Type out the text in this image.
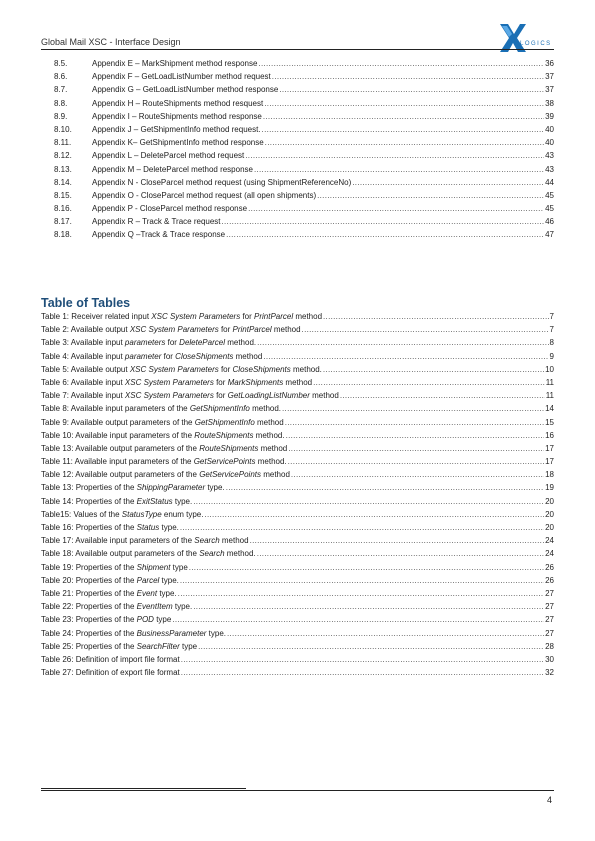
Global Mail XSC - Interface Design	LOGICS
8.5.	Appendix E – MarkShipment method response .....	36
8.6.	Appendix F – GetLoadListNumber method request .....	37
8.7.	Appendix G – GetLoadListNumber method response .....	37
8.8.	Appendix H – RouteShipments method resquest .....	38
8.9.	Appendix I – RouteShipments method response .....	39
8.10.	Appendix J – GetShipmentInfo method request. .....	40
8.11.	Appendix K– GetShipmentInfo method response .....	40
8.12.	Appendix L – DeleteParcel method request .....	43
8.13.	Appendix M – DeleteParcel method response .....	43
8.14.	Appendix N - CloseParcel method request (using ShipmentReferenceNo) .....	44
8.15.	Appendix O - CloseParcel method request (all open shipments) .....	45
8.16.	Appendix P - CloseParcel method response .....	45
8.17.	Appendix R – Track & Trace request .....	46
8.18.	Appendix Q –Track & Trace response .....	47
Table of Tables
Table 1: Receiver related input XSC System Parameters for PrintParcel method .....	7
Table 2: Available output XSC System Parameters for PrintParcel method .....	7
Table 3: Available input parameters for DeleteParcel method. .....	8
Table 4: Available input parameter for CloseShipments method .....	9
Table 5: Available output XSC System Parameters for CloseShipments method. .....	10
Table 6: Available input XSC System Parameters for MarkShipments method .....	11
Table 7: Available input XSC System Parameters for GetLoadingListNumber method .....	11
Table 8: Available input parameters of the GetShipmentInfo method. .....	14
Table 9: Available output parameters of the GetShipmentInfo method .....	15
Table 10: Available input parameters of the RouteShipments method. .....	16
Table 13: Available output parameters of the RouteShipments method .....	17
Table 11: Available input parameters of the GetServicePoints method. .....	17
Table 12: Available output parameters of the GetServicePoints method .....	18
Table 13: Properties of the ShippingParameter type. .....	19
Table 14: Properties of the ExitStatus type. .....	20
Table15: Values of the StatusType enum type. .....	20
Table 16: Properties of the Status type. .....	20
Table 17: Available input parameters of the Search method .....	24
Table 18: Available output parameters of the Search method. .....	24
Table 19: Properties of the Shipment type .....	26
Table 20: Properties of the Parcel type. .....	26
Table 21: Properties of the Event type. .....	27
Table 22: Properties of the EventItem type. .....	27
Table 23: Properties of the POD type .....	27
Table 24: Properties of the BusinessParameter type. .....	27
Table 25: Properties of the SearchFilter type .....	28
Table 26: Definition of import file format .....	30
Table 27: Definition of export file format .....	32
4
